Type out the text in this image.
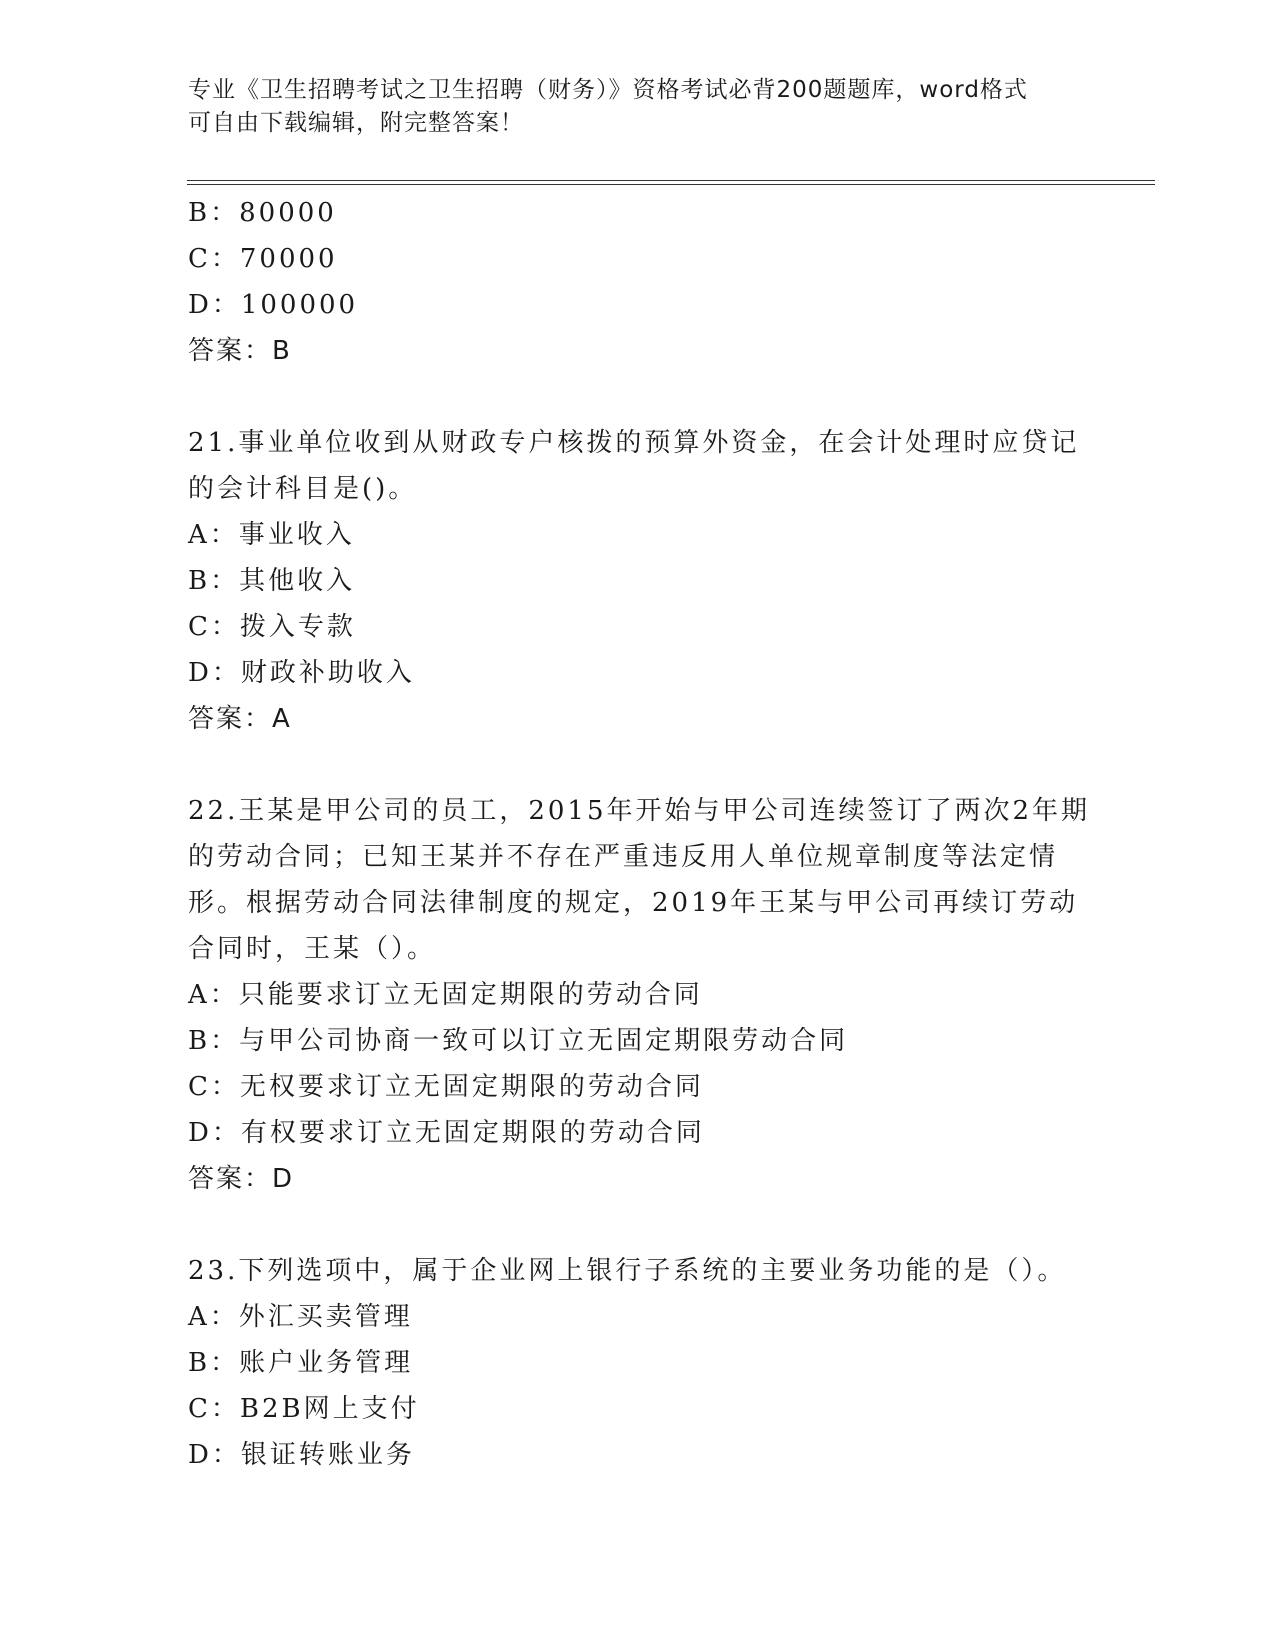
专业《卫生招聘考试之卫生招聘（财务）》资格考试必背200题题库，word格式
可自由下载编辑，附完整答案！
B：80000
C：70000
D：100000
答案：B
21.事业单位收到从财政专户核拨的预算外资金，在会计处理时应贷记
的会计科目是()。
A：事业收入
B：其他收入
C：拨入专款
D：财政补助收入
答案：A
22.王某是甲公司的员工，2015年开始与甲公司连续签订了两次2年期
的劳动合同；已知王某并不存在严重违反用人单位规章制度等法定情
形。根据劳动合同法律制度的规定，2019年王某与甲公司再续订劳动
合同时，王某（）。
A：只能要求订立无固定期限的劳动合同
B：与甲公司协商一致可以订立无固定期限劳动合同
C：无权要求订立无固定期限的劳动合同
D：有权要求订立无固定期限的劳动合同
答案：D
23.下列选项中，属于企业网上银行子系统的主要业务功能的是（）。
A：外汇买卖管理
B：账户业务管理
C：B2B网上支付
D：银证转账业务
